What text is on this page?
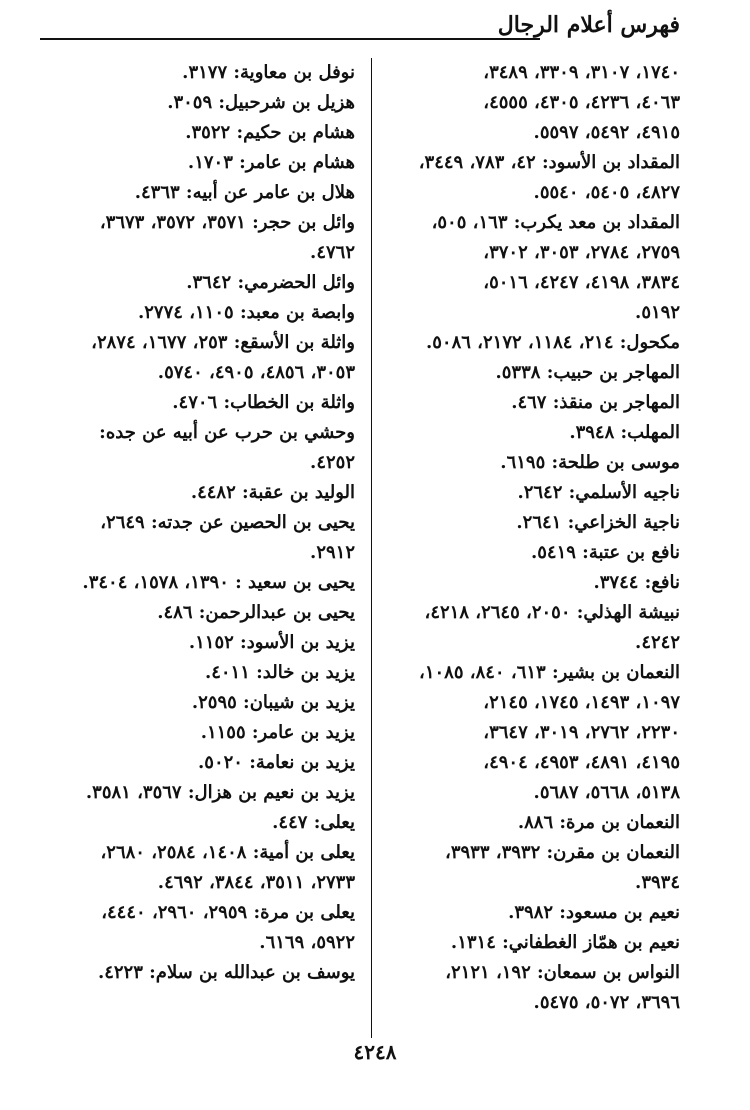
فهرس أعلام الرجال

١٧٤٠، ٣١٠٧، ٣٣٠٩، ٣٤٨٩،

٤٠٦٣، ٤٢٣٦، ٤٣٠٥، ٤٥٥٥،

٤٩١٥، ٥٤٩٢، ٥٥٩٧.

المقداد بن الأسود: ٤٢، ٧٨٣، ٣٤٤٩،

٤٨٢٧، ٥٤٠٥، ٥٥٤٠.

المقداد بن معد يكرب: ١٦٣، ٥٠٥،

٢٧٥٩، ٢٧٨٤، ٣٠٥٣، ٣٧٠٢،

٣٨٣٤، ٤١٩٨، ٤٢٤٧، ٥٠١٦،

٥١٩٢.

مكحول: ٢١٤، ١١٨٤، ٢١٧٢، ٥٠٨٦.

المهاجر بن حبيب: ٥٣٣٨.

المهاجر بن منقذ: ٤٦٧.

المهلب: ٣٩٤٨.

موسى بن طلحة: ٦١٩٥.

ناجيه الأسلمي: ٢٦٤٢.

ناجية الخزاعي: ٢٦٤١.

نافع بن عتبة: ٥٤١٩.

نافع: ٣٧٤٤.

نبيشة الهذلي: ٢٠٥٠، ٢٦٤٥، ٤٢١٨،

٤٢٤٢.

النعمان بن بشير: ٦١٣، ٨٤٠، ١٠٨٥،

١٠٩٧، ١٤٩٣، ١٧٤٥، ٢١٤٥،

٢٢٣٠، ٢٧٦٢، ٣٠١٩، ٣٦٤٧،

٤١٩٥، ٤٨٩١، ٤٩٥٣، ٤٩٠٤،

٥١٣٨، ٥٦٦٨، ٥٦٨٧.

النعمان بن مرة: ٨٨٦.

النعمان بن مقرن: ٣٩٣٢، ٣٩٣٣،

٣٩٣٤.

نعيم بن مسعود: ٣٩٨٢.

نعيم بن همّاز الغطفاني: ١٣١٤.

النواس بن سمعان: ١٩٢، ٢١٢١،

٣٦٩٦، ٥٠٧٢، ٥٤٧٥.

نوفل بن معاوية: ٣١٧٧.

هزيل بن شرحبيل: ٣٠٥٩.

هشام بن حكيم: ٣٥٢٢.

هشام بن عامر: ١٧٠٣.

هلال بن عامر عن أبيه: ٤٣٦٣.

وائل بن حجر: ٣٥٧١، ٣٥٧٢، ٣٦٧٣،

٤٧٦٢.

وائل الحضرمي: ٣٦٤٢.

وابصة بن معبد: ١١٠٥، ٢٧٧٤.

واثلة بن الأسقع: ٢٥٣، ١٦٧٧، ٢٨٧٤،

٣٠٥٣، ٤٨٥٦، ٤٩٠٥، ٥٧٤٠.

واثلة بن الخطاب: ٤٧٠٦.

وحشي بن حرب عن أبيه عن جده: ٤٢٥٢.

الوليد بن عقبة: ٤٤٨٢.

يحيى بن الحصين عن جدته: ٢٦٤٩،

٢٩١٢.

يحيى بن سعيد : ١٣٩٠، ١٥٧٨، ٣٤٠٤.

يحيى بن عبدالرحمن: ٤٨٦.

يزيد بن الأسود: ١١٥٢.

يزيد بن خالد: ٤٠١١.

يزيد بن شيبان: ٢٥٩٥.

يزيد بن عامر: ١١٥٥.

يزيد بن نعامة: ٥٠٢٠.

يزيد بن نعيم بن هزال: ٣٥٦٧، ٣٥٨١.

يعلى: ٤٤٧.

يعلى بن أمية: ١٤٠٨، ٢٥٨٤، ٢٦٨٠،

٢٧٣٣، ٣٥١١، ٣٨٤٤، ٤٦٩٢.

يعلى بن مرة: ٢٩٥٩، ٢٩٦٠، ٤٤٤٠،

٥٩٢٢، ٦١٦٩.

يوسف بن عبدالله بن سلام: ٤٢٢٣.

٤٢٤٨
